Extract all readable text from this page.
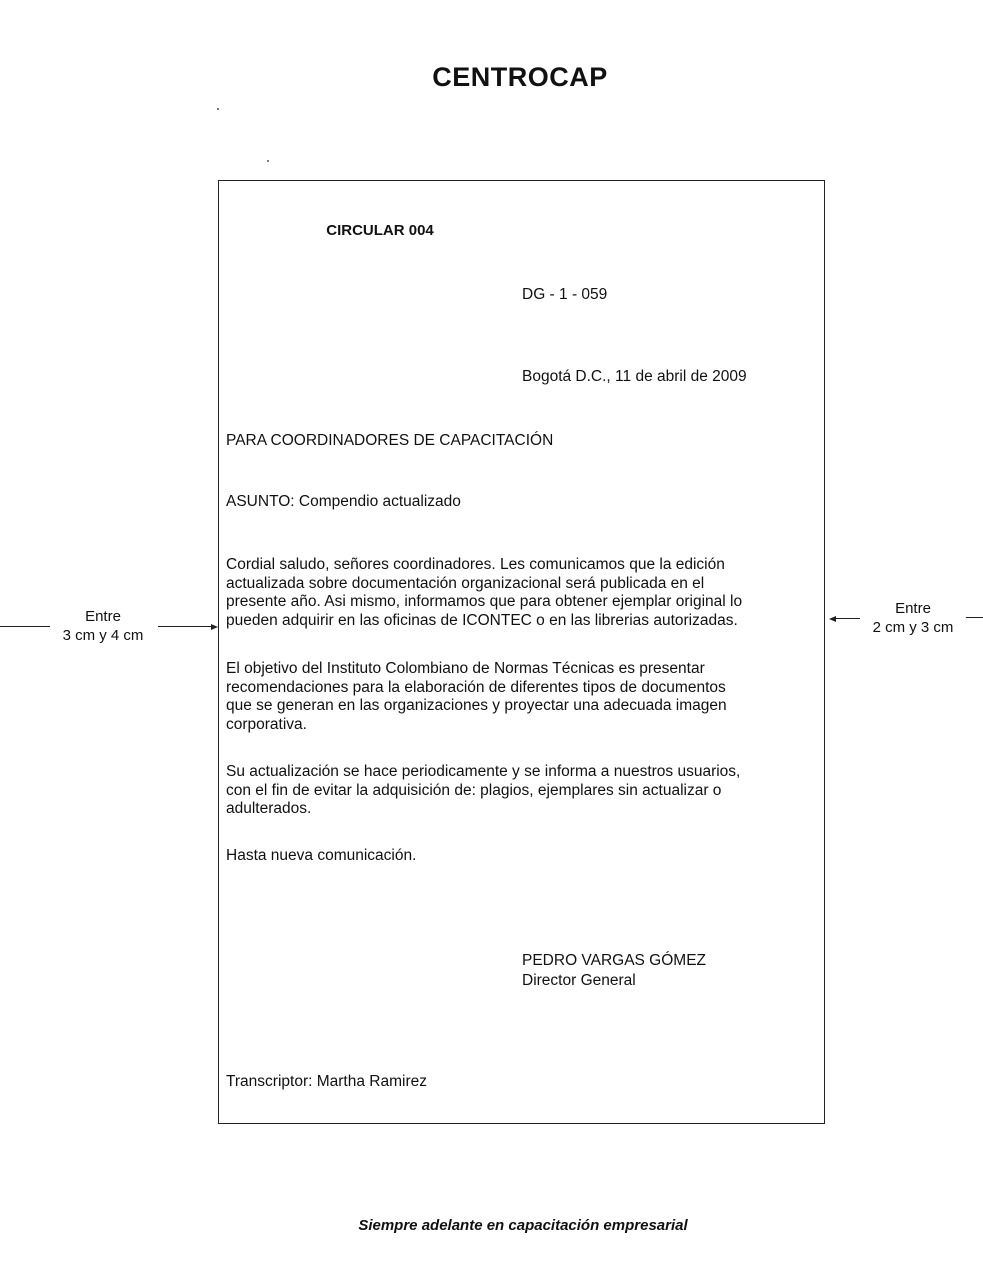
CENTROCAP
CIRCULAR 004
DG - 1 - 059
Bogotá D.C., 11 de abril de 2009
PARA COORDINADORES DE CAPACITACIÓN
ASUNTO: Compendio actualizado
Cordial saludo, señores coordinadores. Les comunicamos que la edición
actualizada sobre documentación organizacional será publicada en el
presente año. Asi mismo, informamos que para obtener ejemplar original lo
pueden adquirir en las oficinas de ICONTEC o en las librerias autorizadas.
El objetivo del Instituto Colombiano de Normas Técnicas es presentar
recomendaciones para la elaboración de diferentes tipos de documentos
que se generan en las organizaciones y proyectar una adecuada imagen
corporativa.
Su actualización se hace periodicamente y se informa a nuestros usuarios,
con el fin de evitar la adquisición de: plagios, ejemplares sin actualizar o
adulterados.
Hasta nueva comunicación.
PEDRO VARGAS GÓMEZ
Director General
Transcriptor: Martha Ramirez
Entre
3 cm y 4 cm
Entre
2 cm y 3 cm
Siempre adelante en capacitación empresarial
